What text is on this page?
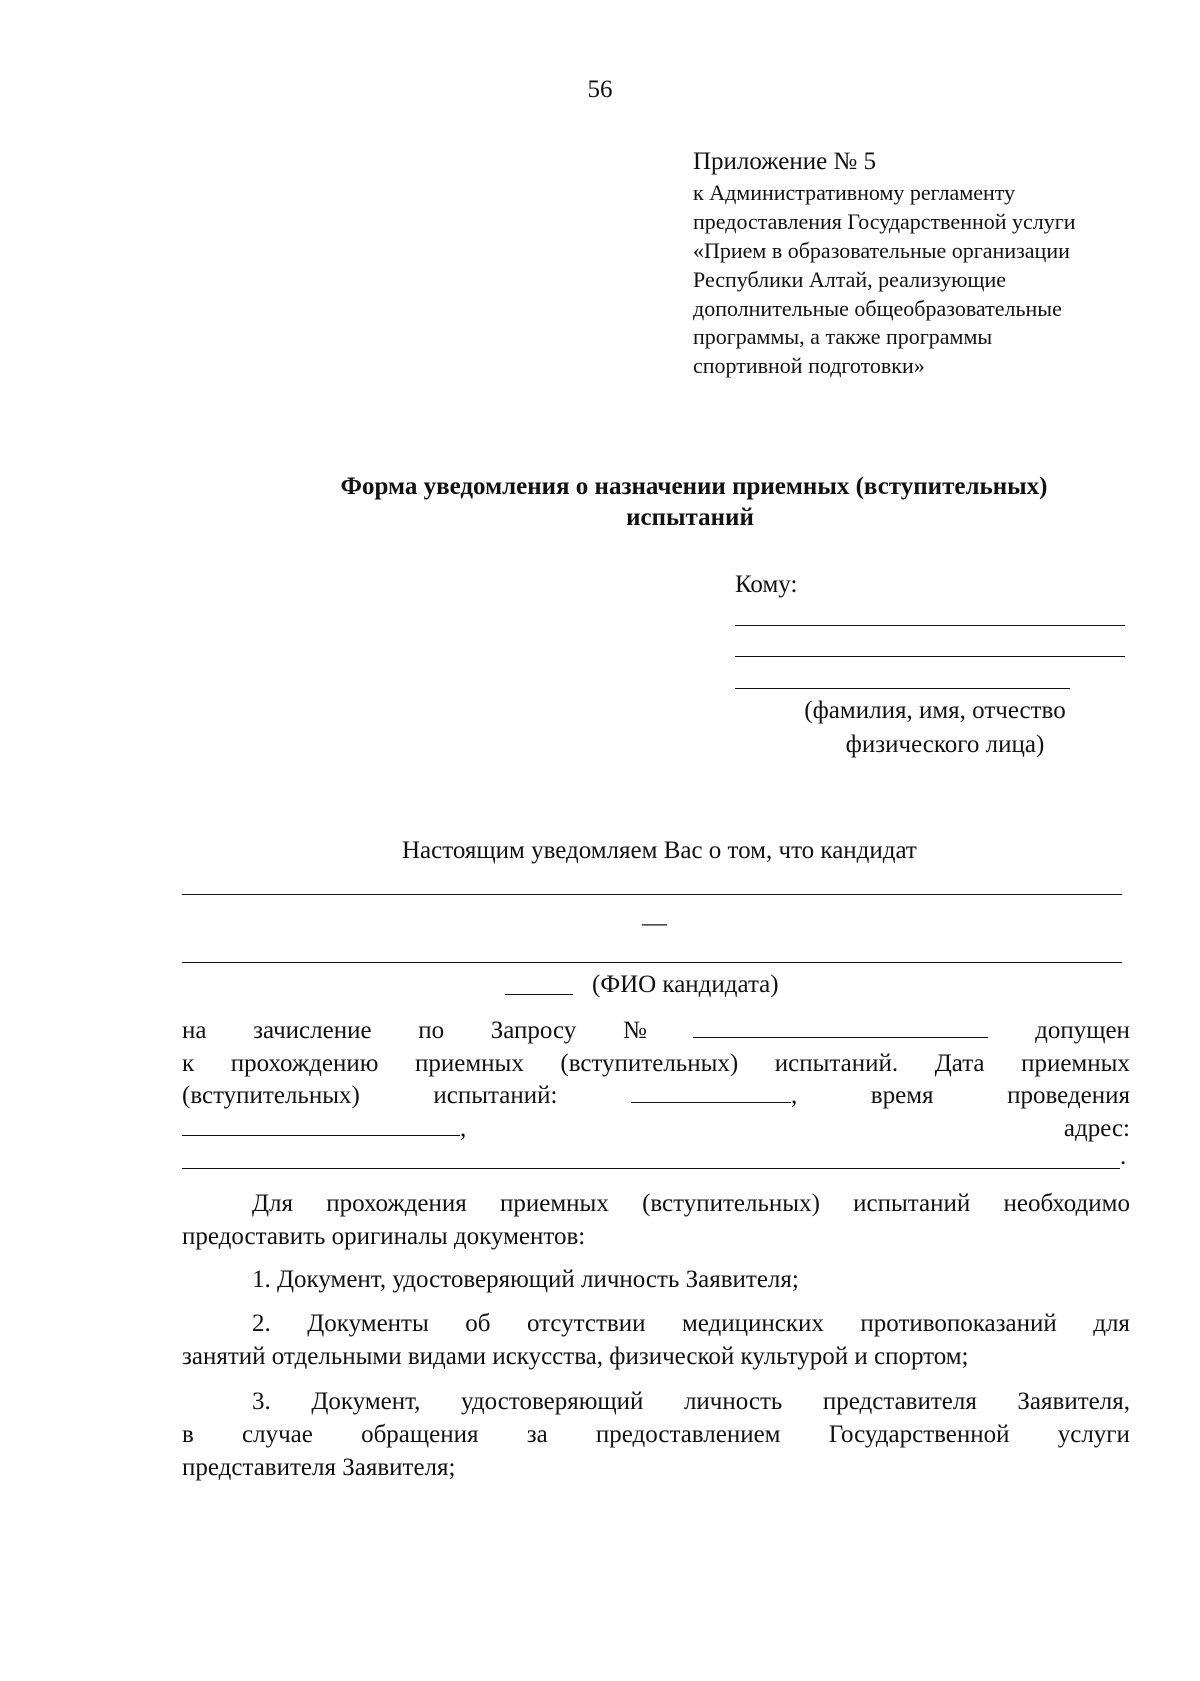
56
Приложение № 5
к Административному регламенту
предоставления Государственной услуги
«Прием в образовательные организации
Республики Алтай, реализующие
дополнительные общеобразовательные
программы, а также программы
спортивной подготовки»
Форма уведомления о назначении приемных (вступительных)
испытаний
Кому:
(фамилия, имя, отчество
физического лица)
Настоящим уведомляем Вас о том, что кандидат
—
(ФИО кандидата)
на зачисление по Запросу №	допущен
к прохождению приемных (вступительных) испытаний. Дата приемных
(вступительных)	испытаний:	,	время	проведения
,	адрес:
.
Для прохождения приемных (вступительных) испытаний необходимо
предоставить оригиналы документов:
1. Документ, удостоверяющий личность Заявителя;
2. Документы об отсутствии медицинских противопоказаний для
занятий отдельными видами искусства, физической культурой и спортом;
3. Документ, удостоверяющий личность представителя Заявителя,
в случае обращения за предоставлением Государственной услуги
представителя Заявителя;
